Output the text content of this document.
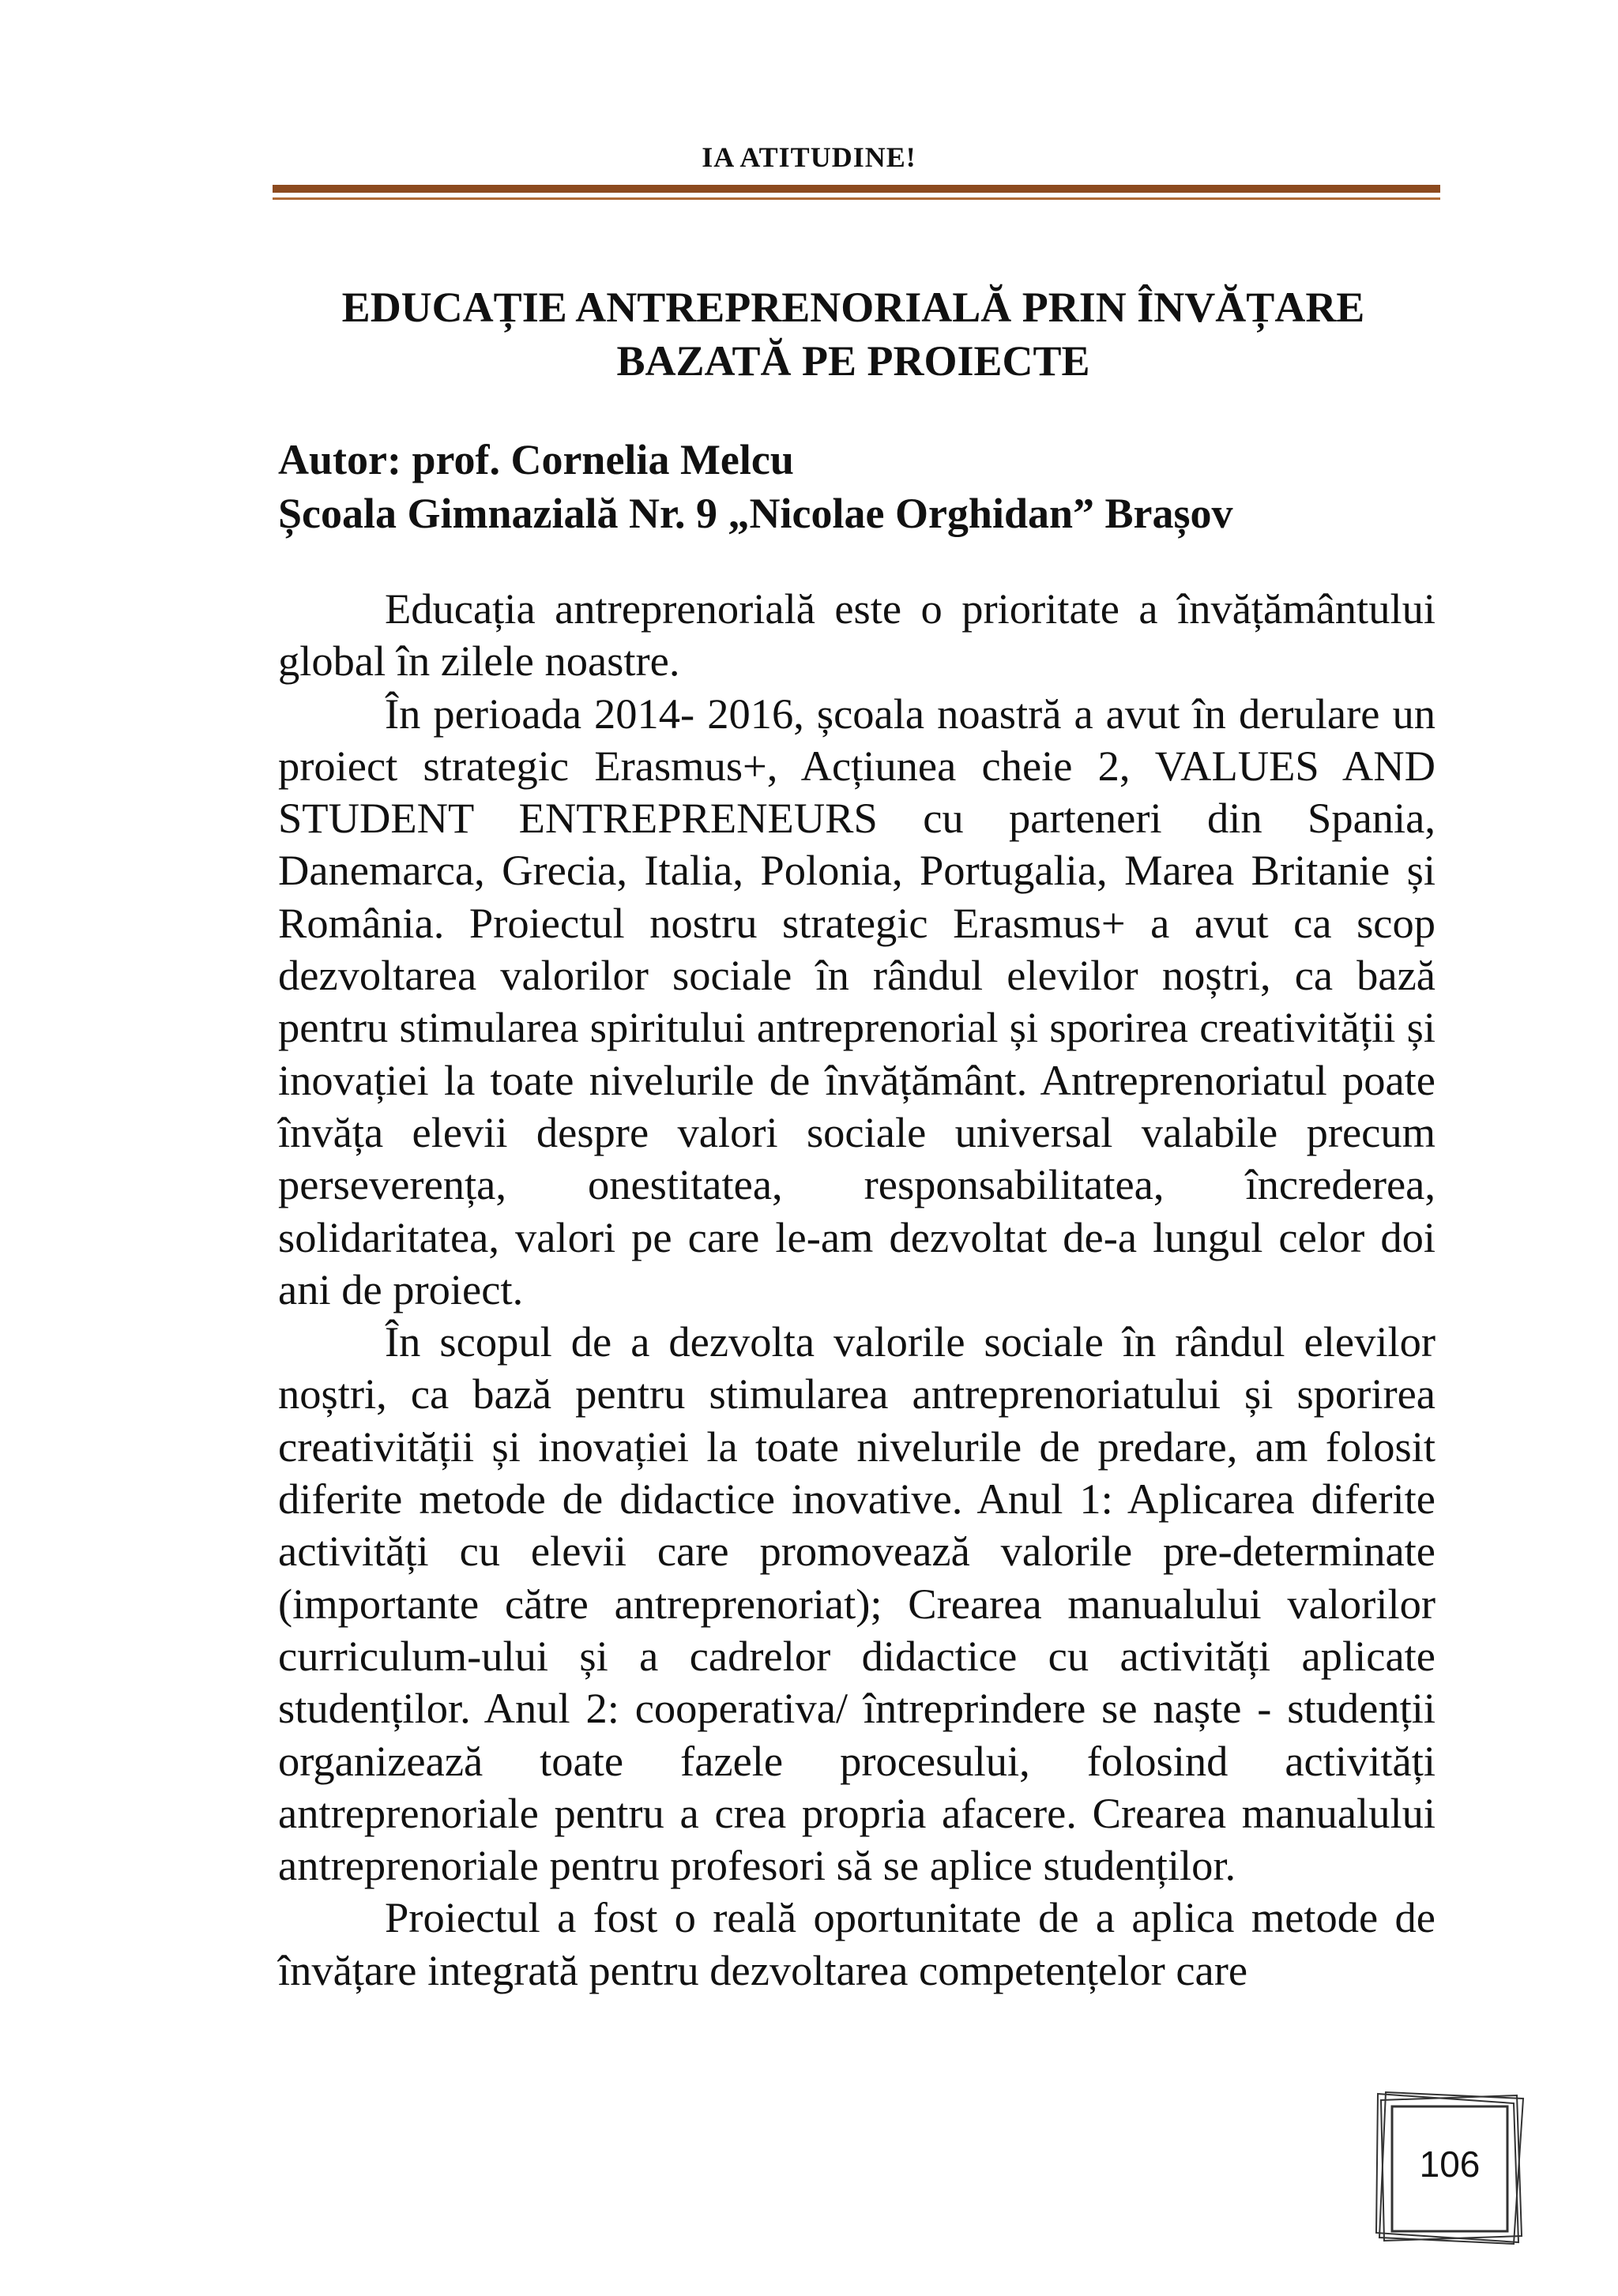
IA ATITUDINE!
EDUCAȚIE ANTREPRENORIALĂ PRIN ÎNVĂȚARE
BAZATĂ PE PROIECTE
Autor: prof. Cornelia Melcu
Școala Gimnazială Nr. 9 „Nicolae Orghidan” Brașov

Educația antreprenorială este o prioritate a învățământului global în zilele noastre.

În perioada 2014- 2016, școala noastră a avut în derulare un proiect strategic Erasmus+, Acțiunea cheie 2, VALUES AND STUDENT ENTREPRENEURS cu parteneri din Spania, Danemarca, Grecia, Italia, Polonia, Portugalia, Marea Britanie și România. Proiectul nostru strategic Erasmus+ a avut ca scop dezvoltarea valorilor sociale în rândul elevilor noștri, ca bază pentru stimularea spiritului antreprenorial și sporirea creativității și inovației la toate nivelurile de învățământ. Antreprenoriatul poate învăța elevii despre valori sociale universal valabile precum perseverența, onestitatea, responsabilitatea, încrederea, solidaritatea, valori pe care le-am dezvoltat de-a lungul celor doi ani de proiect.

În scopul de a dezvolta valorile sociale în rândul elevilor noștri, ca bază pentru stimularea antreprenoriatului și sporirea creativității și inovației la toate nivelurile de predare, am folosit diferite metode de didactice inovative. Anul 1: Aplicarea diferite activități cu elevii care promovează valorile pre-determinate (importante către antreprenoriat); Crearea manualului valorilor curriculum-ului și a cadrelor didactice cu activități aplicate studenților. Anul 2: cooperativa/ întreprindere se naște - studenții organizează toate fazele procesului, folosind activități antreprenoriale pentru a crea propria afacere. Crearea manualului antreprenoriale pentru profesori să se aplice studenților.

Proiectul a fost o reală oportunitate de a aplica metode de învățare integrată pentru dezvoltarea competențelor care

106
